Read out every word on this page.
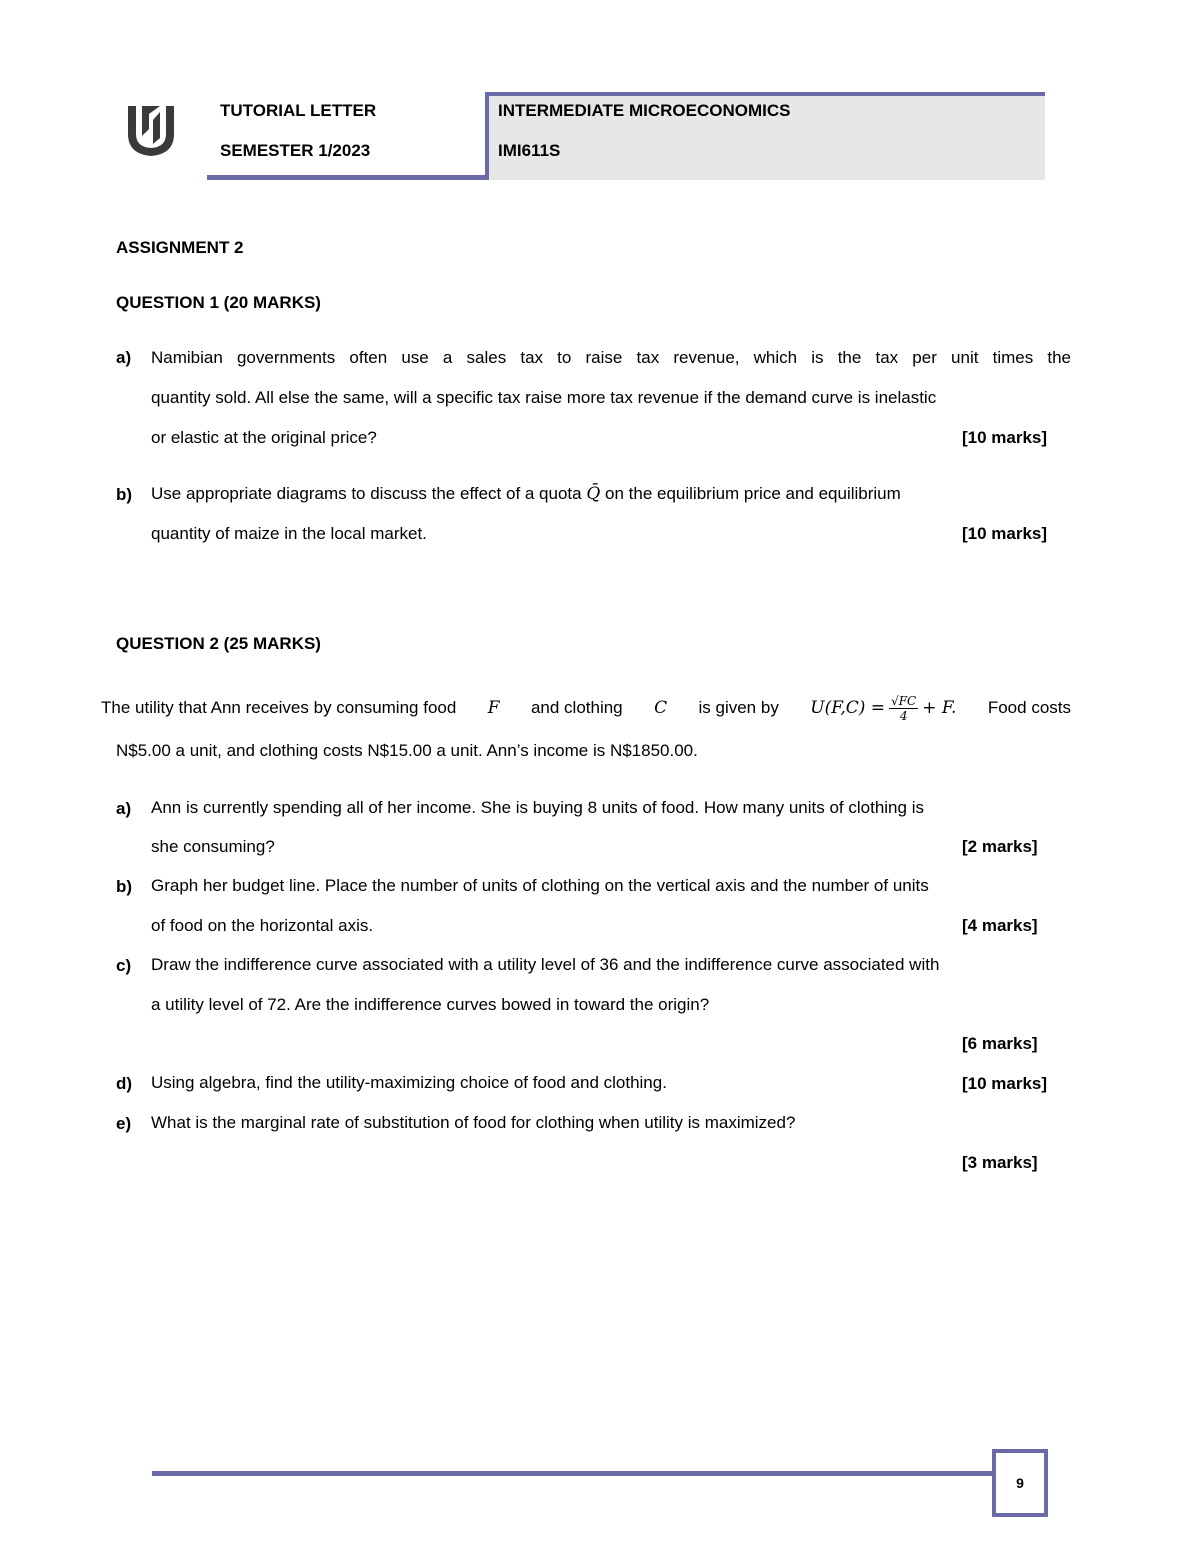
TUTORIAL LETTER
SEMESTER 1/2023
INTERMEDIATE MICROECONOMICS
IMI611S
ASSIGNMENT 2
QUESTION 1 (20 MARKS)
a) Namibian governments often use a sales tax to raise tax revenue, which is the tax per unit times the
quantity sold. All else the same, will a specific tax raise more tax revenue if the demand curve is inelastic
or elastic at the original price?	[10 marks]
b) Use appropriate diagrams to discuss the effect of a quota Q̄ on the equilibrium price and equilibrium
quantity of maize in the local market.	[10 marks]
QUESTION 2 (25 MARKS)
The utility that Ann receives by consuming food F and clothing C is given by $U(F,C) = \frac{√FC}{4} + F$. Food costs
N$5.00 a unit, and clothing costs N$15.00 a unit. Ann’s income is N$1850.00.
a) Ann is currently spending all of her income. She is buying 8 units of food. How many units of clothing is
she consuming?	[2 marks]
b) Graph her budget line. Place the number of units of clothing on the vertical axis and the number of units
of food on the horizontal axis.	[4 marks]
c) Draw the indifference curve associated with a utility level of 36 and the indifference curve associated with
a utility level of 72. Are the indifference curves bowed in toward the origin?
[6 marks]
d) Using algebra, find the utility-maximizing choice of food and clothing.	[10 marks]
e) What is the marginal rate of substitution of food for clothing when utility is maximized?
[3 marks]
9
